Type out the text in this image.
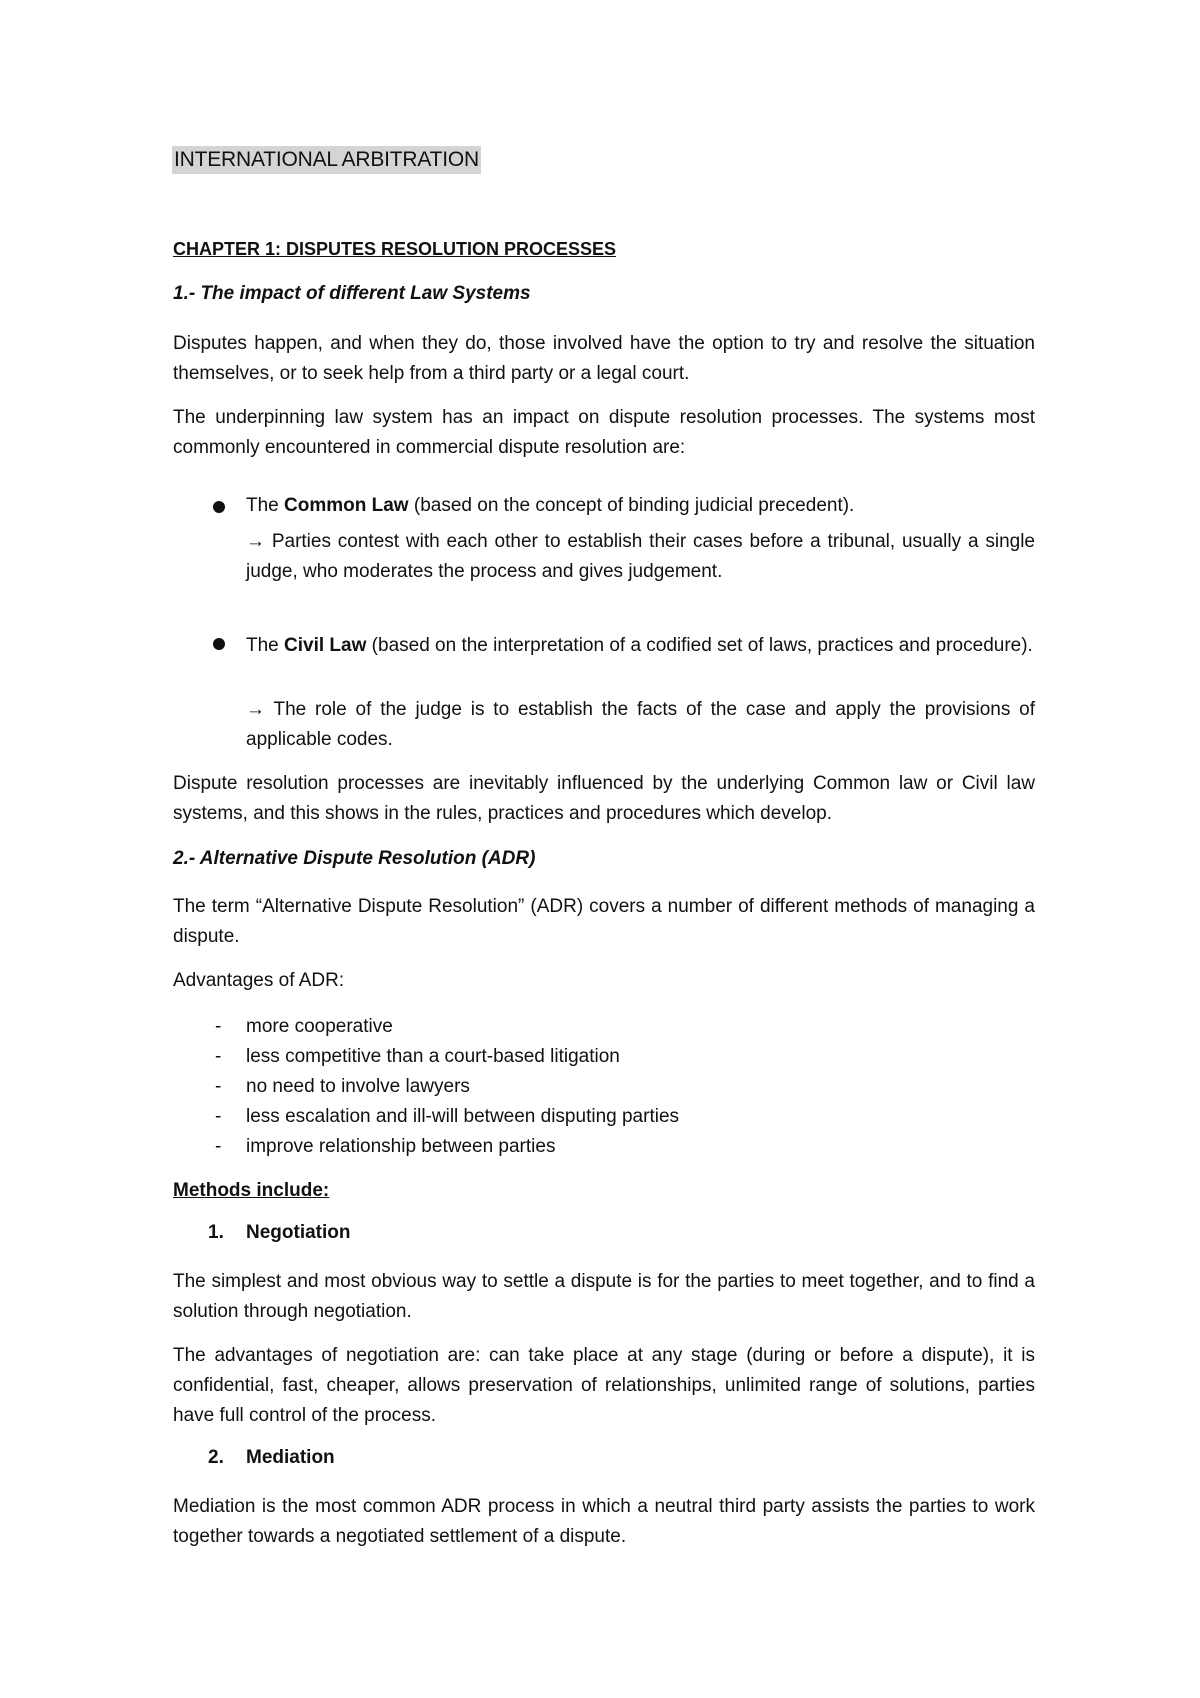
INTERNATIONAL ARBITRATION
CHAPTER 1: DISPUTES RESOLUTION PROCESSES
1.- The impact of different Law Systems

Disputes happen, and when they do, those involved have the option to try and resolve the situation themselves, or to seek help from a third party or a legal court.

The underpinning law system has an impact on dispute resolution processes. The systems most commonly encountered in commercial dispute resolution are:

The Common Law (based on the concept of binding judicial precedent).

→ Parties contest with each other to establish their cases before a tribunal, usually a single judge, who moderates the process and gives judgement.

The Civil Law (based on the interpretation of a codified set of laws, practices and procedure).

→ The role of the judge is to establish the facts of the case and apply the provisions of applicable codes.

Dispute resolution processes are inevitably influenced by the underlying Common law or Civil law systems, and this shows in the rules, practices and procedures which develop.

2.- Alternative Dispute Resolution (ADR)

The term “Alternative Dispute Resolution” (ADR) covers a number of different methods of managing a dispute.

Advantages of ADR:

- more cooperative
- less competitive than a court-based litigation
- no need to involve lawyers
- less escalation and ill-will between disputing parties
- improve relationship between parties
Methods include:
1. Negotiation

The simplest and most obvious way to settle a dispute is for the parties to meet together, and to find a solution through negotiation.

The advantages of negotiation are: can take place at any stage (during or before a dispute), it is confidential, fast, cheaper, allows preservation of relationships, unlimited range of solutions, parties have full control of the process.

2. Mediation

Mediation is the most common ADR process in which a neutral third party assists the parties to work together towards a negotiated settlement of a dispute.
